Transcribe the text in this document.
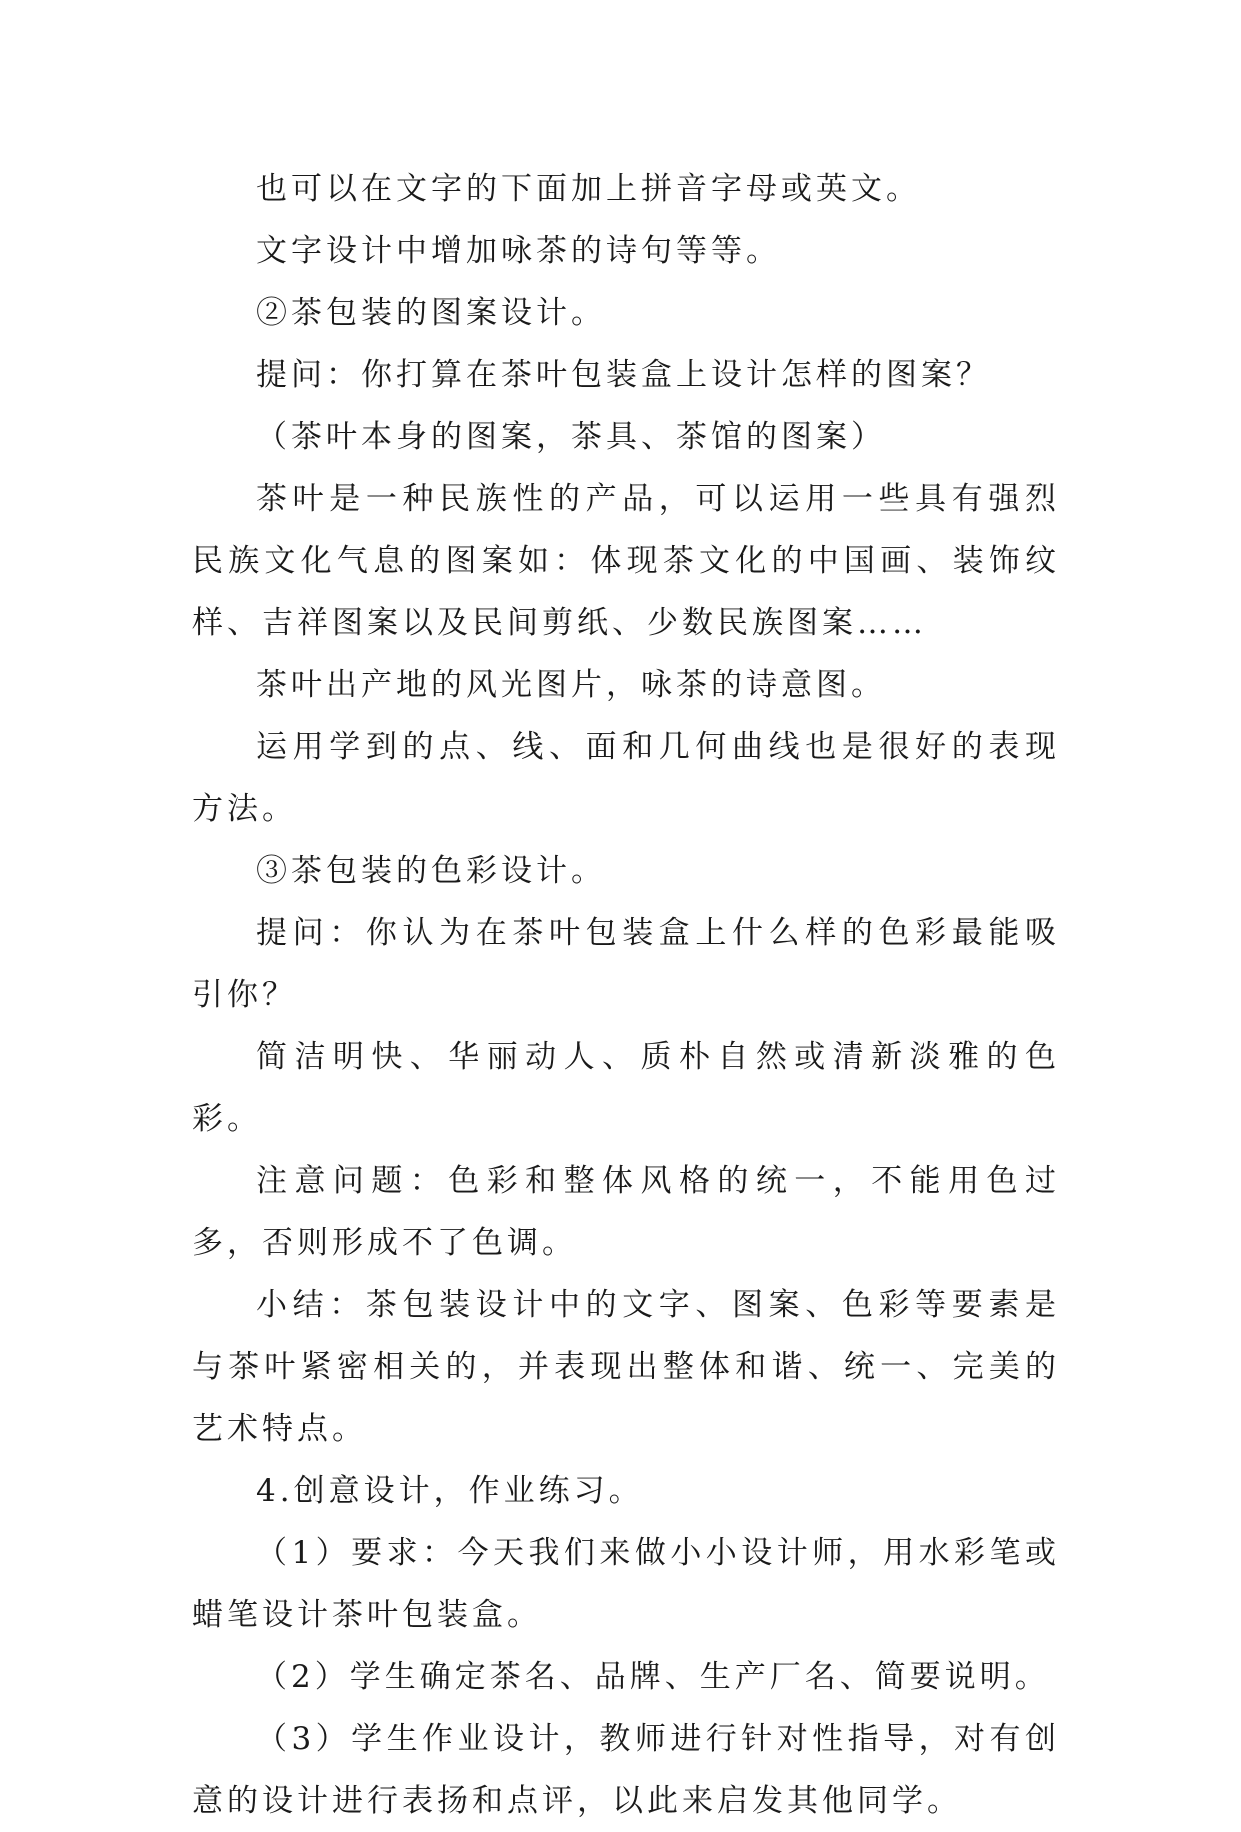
也可以在文字的下面加上拼音字母或英文。

文字设计中增加咏茶的诗句等等。

②茶包装的图案设计。

提问：你打算在茶叶包装盒上设计怎样的图案？

（茶叶本身的图案，茶具、茶馆的图案）

茶叶是一种民族性的产品，可以运用一些具有强烈民族文化气息的图案如：体现茶文化的中国画、装饰纹样、吉祥图案以及民间剪纸、少数民族图案……

茶叶出产地的风光图片，咏茶的诗意图。

运用学到的点、线、面和几何曲线也是很好的表现方法。

③茶包装的色彩设计。

提问：你认为在茶叶包装盒上什么样的色彩最能吸引你？

简洁明快、华丽动人、质朴自然或清新淡雅的色彩。

注意问题：色彩和整体风格的统一，不能用色过多，否则形成不了色调。

小结：茶包装设计中的文字、图案、色彩等要素是与茶叶紧密相关的，并表现出整体和谐、统一、完美的艺术特点。

4.创意设计，作业练习。

（1）要求：今天我们来做小小设计师，用水彩笔或蜡笔设计茶叶包装盒。

（2）学生确定茶名、品牌、生产厂名、简要说明。

（3）学生作业设计，教师进行针对性指导，对有创意的设计进行表扬和点评，以此来启发其他同学。
